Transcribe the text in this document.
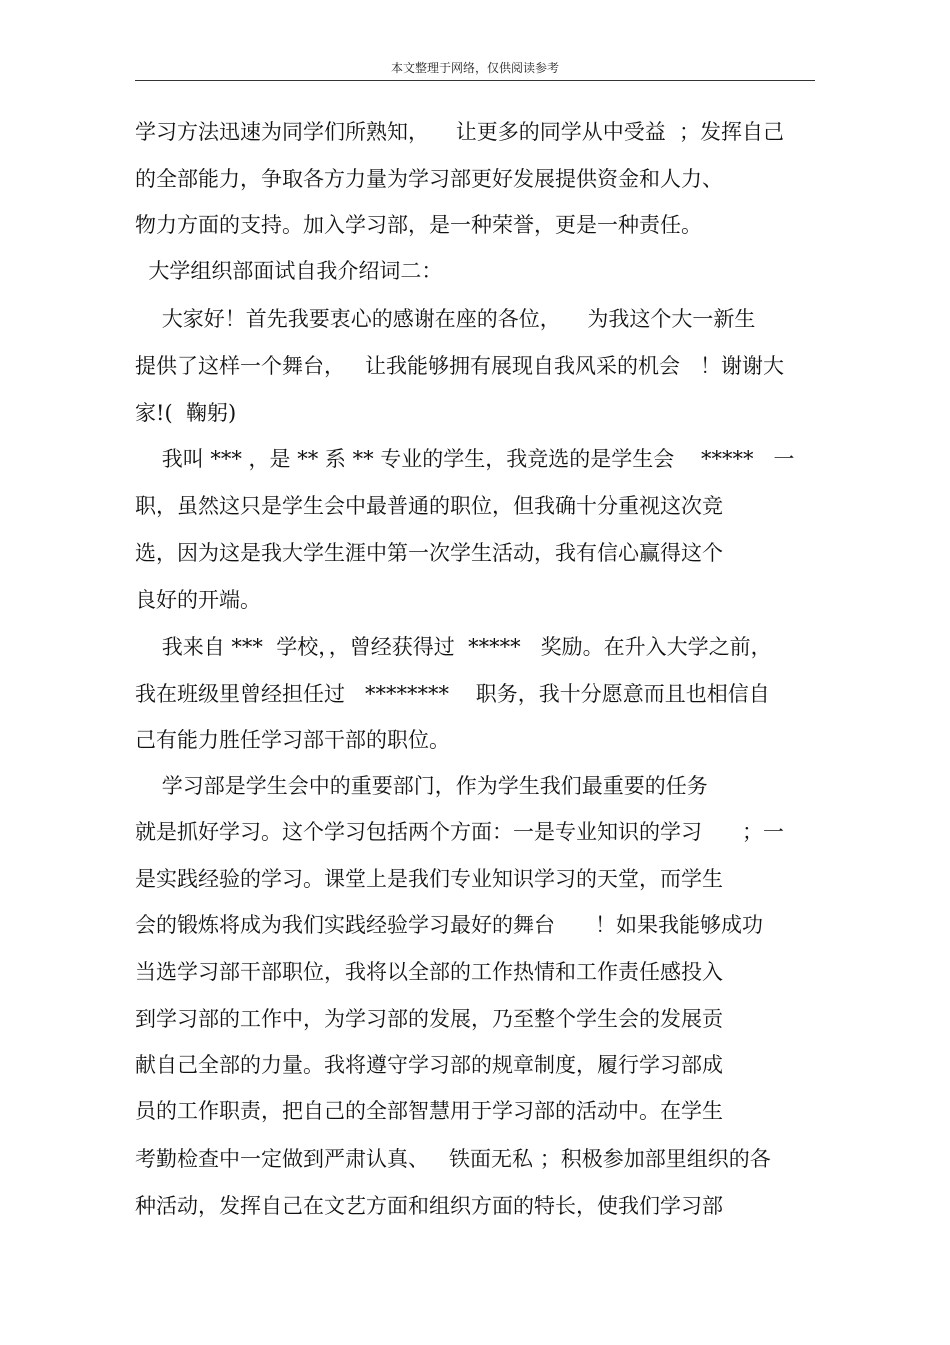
本文整理于网络，仅供阅读参考
学习方法迅速为同学们所熟知，    让更多的同学从中受益  ；发挥自己
的全部能力，争取各方力量为学习部更好发展提供资金和人力、
物力方面的支持。加入学习部，是一种荣誉，更是一种责任。
大学组织部面试自我介绍词二：
大家好！首先我要衷心的感谢在座的各位，    为我这个大一新生
提供了这样一个舞台，   让我能够拥有展现自我风采的机会   ！谢谢大
家!(  鞠躬)
我叫 *** ，是 ** 系 ** 专业的学生，我竞选的是学生会    *****   一
职，虽然这只是学生会中最普通的职位，但我确十分重视这次竞
选，因为这是我大学生涯中第一次学生活动，我有信心赢得这个
良好的开端。
我来自 ***  学校，，曾经获得过  *****   奖励。在升入大学之前，
我在班级里曾经担任过   ********    职务，我十分愿意而且也相信自
己有能力胜任学习部干部的职位。
学习部是学生会中的重要部门，作为学生我们最重要的任务
就是抓好学习。这个学习包括两个方面：一是专业知识的学习      ；一
是实践经验的学习。课堂上是我们专业知识学习的天堂，而学生
会的锻炼将成为我们实践经验学习最好的舞台      ！如果我能够成功
当选学习部干部职位，我将以全部的工作热情和工作责任感投入
到学习部的工作中，为学习部的发展，乃至整个学生会的发展贡
献自己全部的力量。我将遵守学习部的规章制度，履行学习部成
员的工作职责，把自己的全部智慧用于学习部的活动中。在学生
考勤检查中一定做到严肃认真、   铁面无私 ；积极参加部里组织的各
种活动，发挥自己在文艺方面和组织方面的特长，使我们学习部
